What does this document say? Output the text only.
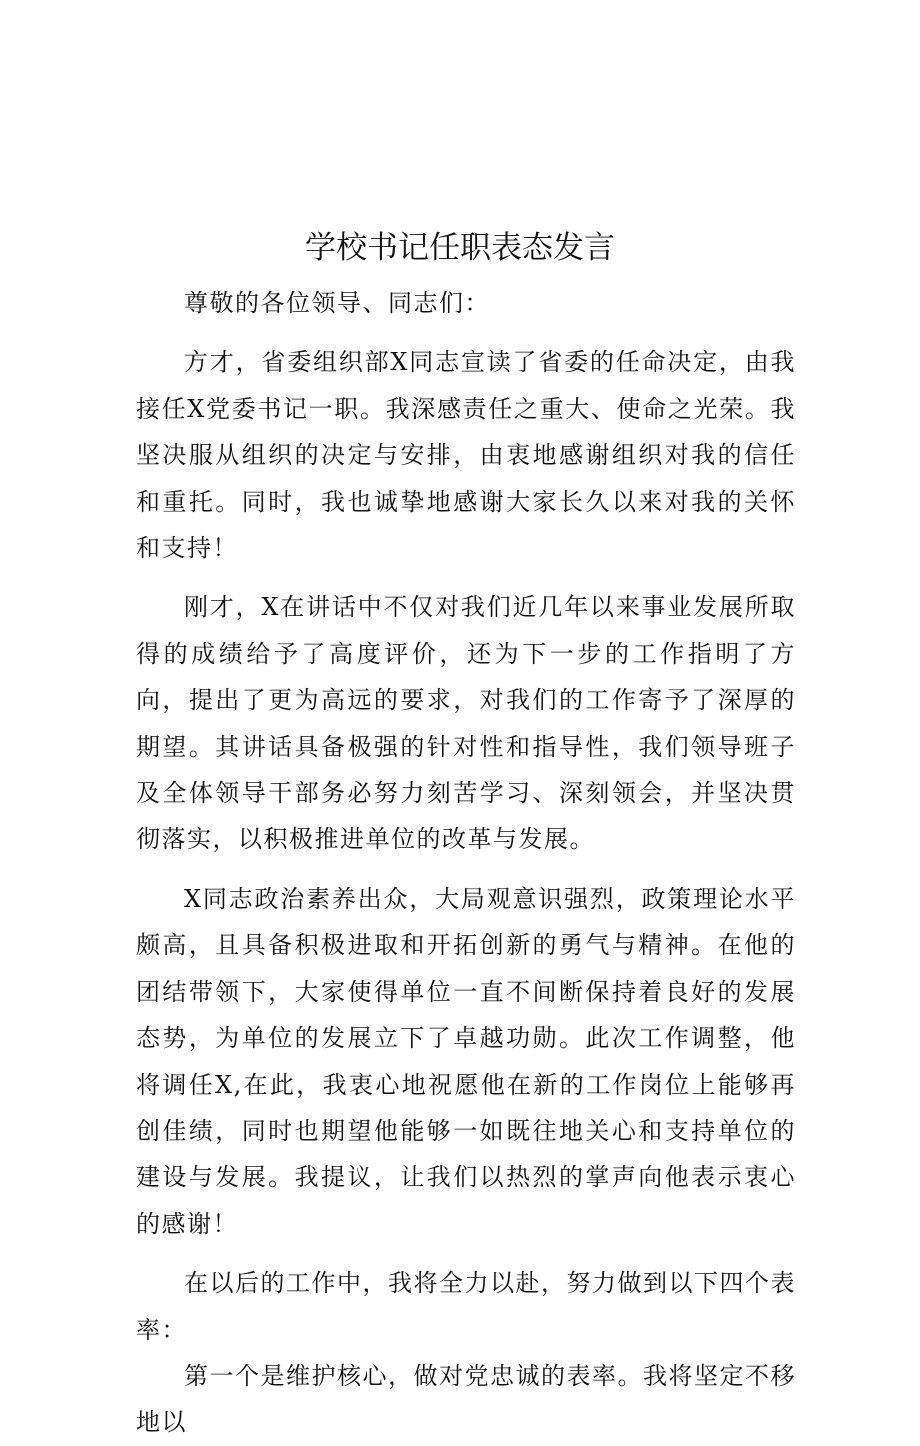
学校书记任职表态发言

尊敬的各位领导、同志们：

方才，省委组织部X同志宣读了省委的任命决定，由我接任X党委书记一职。我深感责任之重大、使命之光荣。我坚决服从组织的决定与安排，由衷地感谢组织对我的信任和重托。同时，我也诚挚地感谢大家长久以来对我的关怀和支持！

刚才，X在讲话中不仅对我们近几年以来事业发展所取得的成绩给予了高度评价，还为下一步的工作指明了方向，提出了更为高远的要求，对我们的工作寄予了深厚的期望。其讲话具备极强的针对性和指导性，我们领导班子及全体领导干部务必努力刻苦学习、深刻领会，并坚决贯彻落实，以积极推进单位的改革与发展。

X同志政治素养出众，大局观意识强烈，政策理论水平颇高，且具备积极进取和开拓创新的勇气与精神。在他的团结带领下，大家使得单位一直不间断保持着良好的发展态势，为单位的发展立下了卓越功勋。此次工作调整，他将调任X,在此，我衷心地祝愿他在新的工作岗位上能够再创佳绩，同时也期望他能够一如既往地关心和支持单位的建设与发展。我提议，让我们以热烈的掌声向他表示衷心的感谢！

在以后的工作中，我将全力以赴，努力做到以下四个表率：

第一个是维护核心，做对党忠诚的表率。我将坚定不移地以
